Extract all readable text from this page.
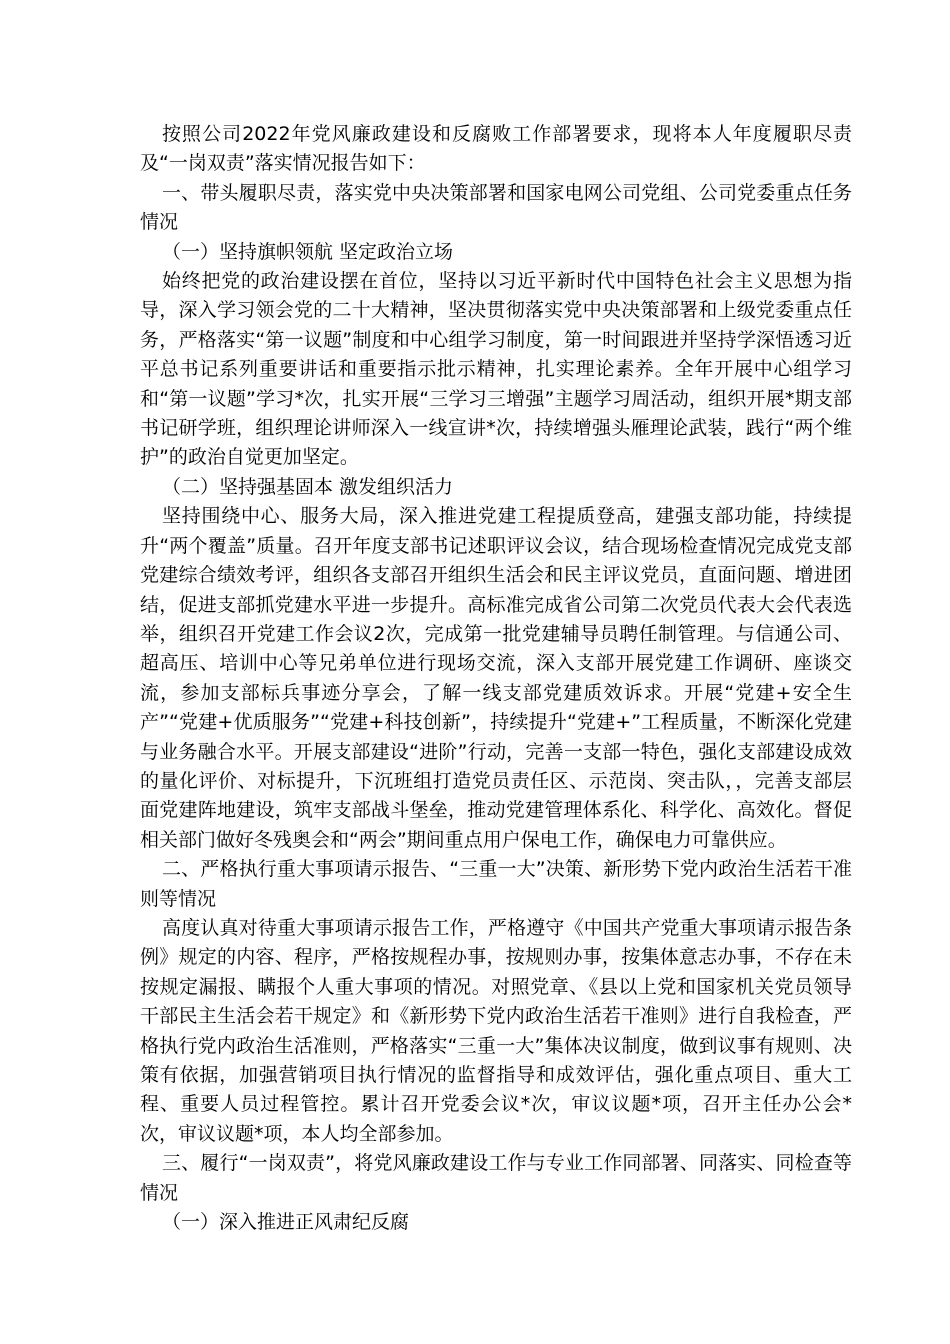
按照公司2022年党风廉政建设和反腐败工作部署要求，现将本人年度履职尽责及“一岗双责”落实情况报告如下：

一、带头履职尽责，落实党中央决策部署和国家电网公司党组、公司党委重点任务情况

（一）坚持旗帜领航 坚定政治立场

始终把党的政治建设摆在首位，坚持以习近平新时代中国特色社会主义思想为指导，深入学习领会党的二十大精神，坚决贯彻落实党中央决策部署和上级党委重点任务，严格落实“第一议题”制度和中心组学习制度，第一时间跟进并坚持学深悟透习近平总书记系列重要讲话和重要指示批示精神，扎实理论素养。全年开展中心组学习和“第一议题”学习*次，扎实开展“三学习三增强”主题学习周活动，组织开展*期支部书记研学班，组织理论讲师深入一线宣讲*次，持续增强头雁理论武装，践行“两个维护”的政治自觉更加坚定。

（二）坚持强基固本 激发组织活力

坚持围绕中心、服务大局，深入推进党建工程提质登高，建强支部功能，持续提升“两个覆盖”质量。召开年度支部书记述职评议会议，结合现场检查情况完成党支部党建综合绩效考评，组织各支部召开组织生活会和民主评议党员，直面问题、增进团结，促进支部抓党建水平进一步提升。高标准完成省公司第二次党员代表大会代表选举，组织召开党建工作会议2次，完成第一批党建辅导员聘任制管理。与信通公司、超高压、培训中心等兄弟单位进行现场交流，深入支部开展党建工作调研、座谈交流，参加支部标兵事迹分享会，了解一线支部党建质效诉求。开展“党建+安全生产”“党建+优质服务”“党建+科技创新”，持续提升“党建+”工程质量，不断深化党建与业务融合水平。开展支部建设“进阶”行动，完善一支部一特色，强化支部建设成效的量化评价、对标提升，下沉班组打造党员责任区、示范岗、突击队，，完善支部层面党建阵地建设，筑牢支部战斗堡垒，推动党建管理体系化、科学化、高效化。督促相关部门做好冬残奥会和“两会”期间重点用户保电工作，确保电力可靠供应。

二、严格执行重大事项请示报告、“三重一大”决策、新形势下党内政治生活若干准则等情况

高度认真对待重大事项请示报告工作，严格遵守《中国共产党重大事项请示报告条例》规定的内容、程序，严格按规程办事，按规则办事，按集体意志办事，不存在未按规定漏报、瞒报个人重大事项的情况。对照党章、《县以上党和国家机关党员领导干部民主生活会若干规定》和《新形势下党内政治生活若干准则》进行自我检查，严格执行党内政治生活准则，严格落实“三重一大”集体决议制度，做到议事有规则、决策有依据，加强营销项目执行情况的监督指导和成效评估，强化重点项目、重大工程、重要人员过程管控。累计召开党委会议*次，审议议题*项，召开主任办公会*次，审议议题*项，本人均全部参加。

三、履行“一岗双责”，将党风廉政建设工作与专业工作同部署、同落实、同检查等情况

（一）深入推进正风肃纪反腐
